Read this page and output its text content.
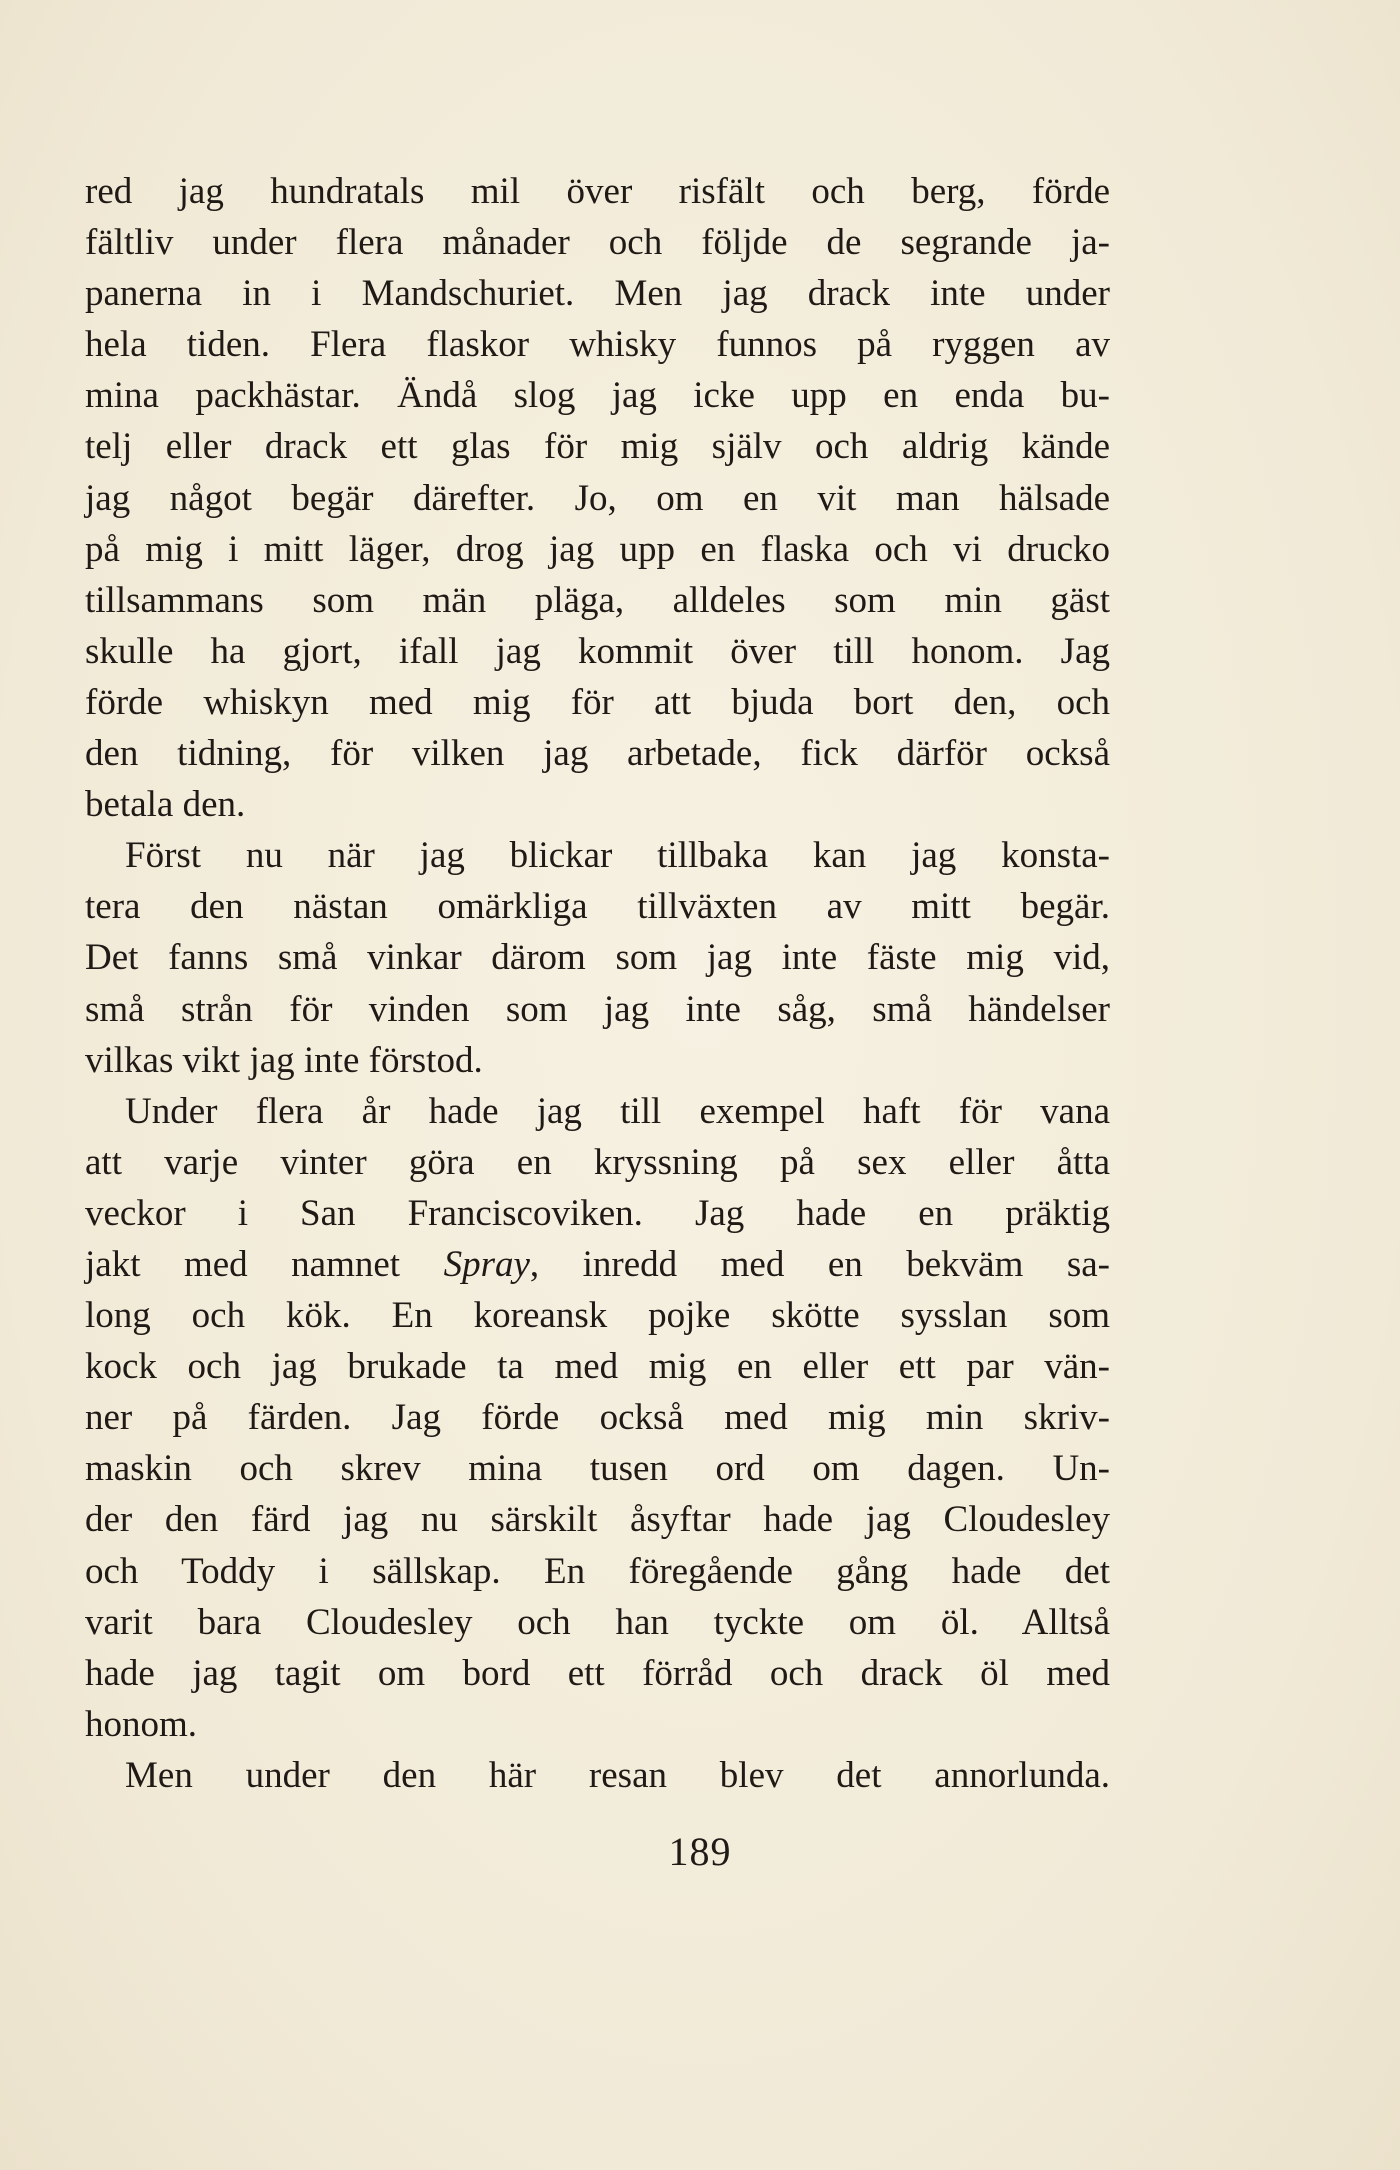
red jag hundratals mil över risfält och berg, förde
fältliv under flera månader och följde de segrande ja-
panerna in i Mandschuriet. Men jag drack inte under
hela tiden. Flera flaskor whisky funnos på ryggen av
mina packhästar. Ändå slog jag icke upp en enda bu-
telj eller drack ett glas för mig själv och aldrig kände
jag något begär därefter. Jo, om en vit man hälsade
på mig i mitt läger, drog jag upp en flaska och vi drucko
tillsammans som män pläga, alldeles som min gäst
skulle ha gjort, ifall jag kommit över till honom. Jag
förde whiskyn med mig för att bjuda bort den, och
den tidning, för vilken jag arbetade, fick därför också
betala den.
Först nu när jag blickar tillbaka kan jag konsta-
tera den nästan omärkliga tillväxten av mitt begär.
Det fanns små vinkar därom som jag inte fäste mig vid,
små strån för vinden som jag inte såg, små händelser
vilkas vikt jag inte förstod.
Under flera år hade jag till exempel haft för vana
att varje vinter göra en kryssning på sex eller åtta
veckor i San Franciscoviken. Jag hade en präktig
jakt med namnet Spray, inredd med en bekväm sa-
long och kök. En koreansk pojke skötte sysslan som
kock och jag brukade ta med mig en eller ett par vän-
ner på färden. Jag förde också med mig min skriv-
maskin och skrev mina tusen ord om dagen. Un-
der den färd jag nu särskilt åsyftar hade jag Cloudesley
och Toddy i sällskap. En föregående gång hade det
varit bara Cloudesley och han tyckte om öl. Alltså
hade jag tagit om bord ett förråd och drack öl med
honom.
Men under den här resan blev det annorlunda.
189
